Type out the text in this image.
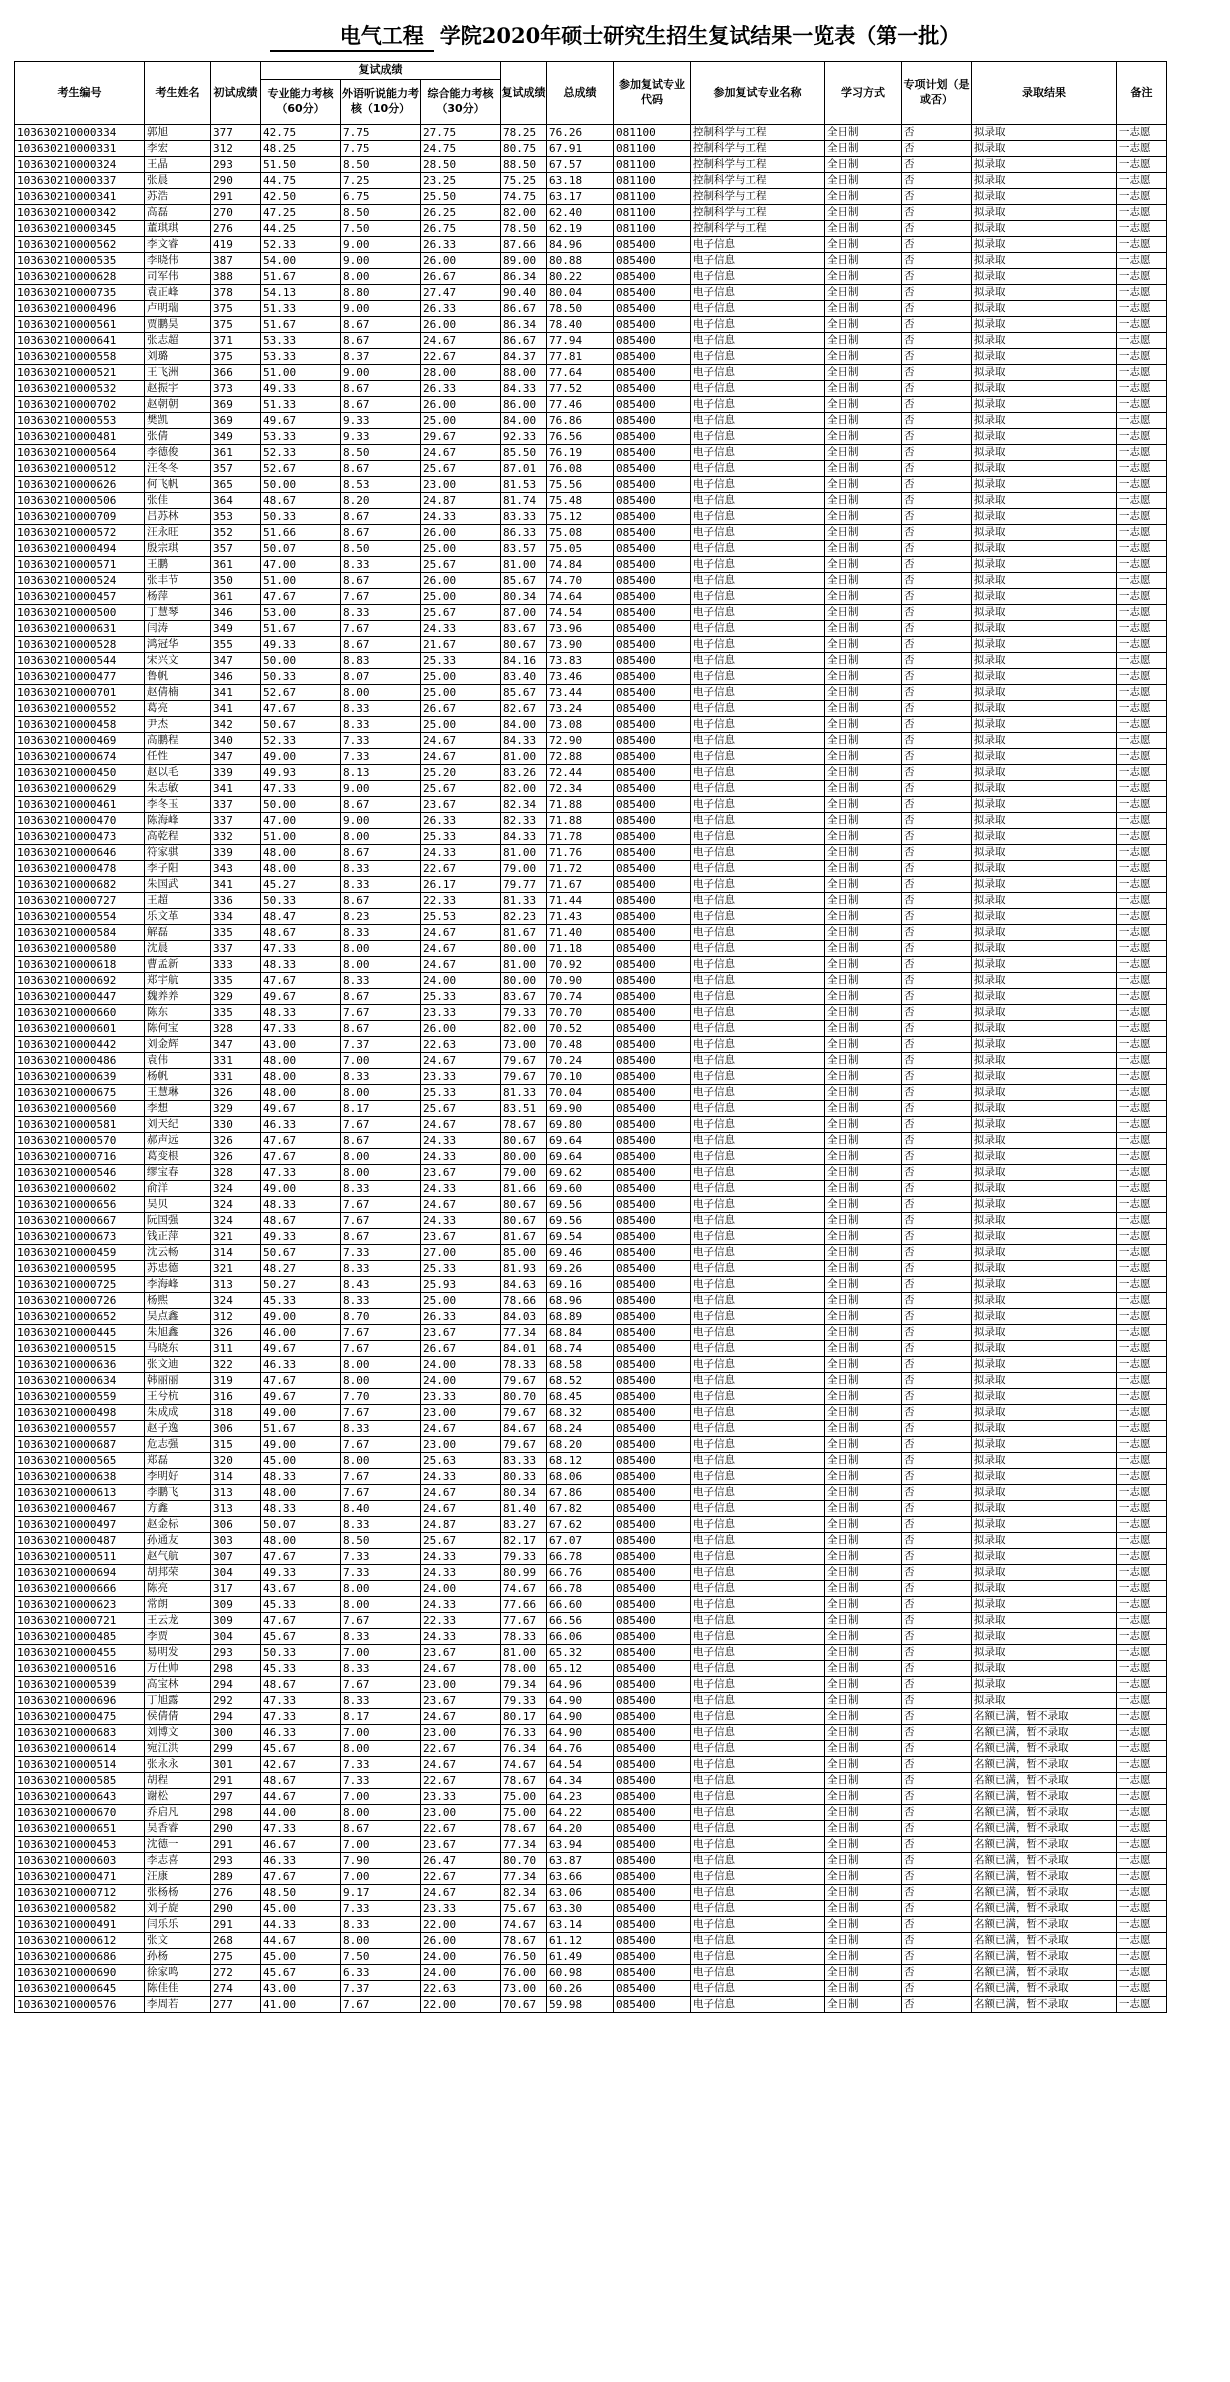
电气工程 学院2020年硕士研究生招生复试结果一览表（第一批）
考生编号	考生姓名	初试成绩	复试成绩			复试成绩	总成绩	参加复试专业代码	参加复试专业名称	学习方式	专项计划（是或否）	录取结果	备注
			专业能力考核（60分）	外语听说能力考核（10分）	综合能力考核（30分）								
103630210000334	郭旭	377	42.75	7.75	27.75	78.25	76.26	081100	控制科学与工程	全日制	否	拟录取	一志愿
103630210000331	李宏	312	48.25	7.75	24.75	80.75	67.91	081100	控制科学与工程	全日制	否	拟录取	一志愿
103630210000324	王晶	293	51.50	8.50	28.50	88.50	67.57	081100	控制科学与工程	全日制	否	拟录取	一志愿
103630210000337	张晨	290	44.75	7.25	23.25	75.25	63.18	081100	控制科学与工程	全日制	否	拟录取	一志愿
103630210000341	苏浩	291	42.50	6.75	25.50	74.75	63.17	081100	控制科学与工程	全日制	否	拟录取	一志愿
103630210000342	高磊	270	47.25	8.50	26.25	82.00	62.40	081100	控制科学与工程	全日制	否	拟录取	一志愿
103630210000345	董琪琪	276	44.25	7.50	26.75	78.50	62.19	081100	控制科学与工程	全日制	否	拟录取	一志愿
103630210000562	李文睿	419	52.33	9.00	26.33	87.66	84.96	085400	电子信息	全日制	否	拟录取	一志愿
103630210000535	李晓伟	387	54.00	9.00	26.00	89.00	80.88	085400	电子信息	全日制	否	拟录取	一志愿
103630210000628	司军伟	388	51.67	8.00	26.67	86.34	80.22	085400	电子信息	全日制	否	拟录取	一志愿
103630210000735	袁正峰	378	54.13	8.80	27.47	90.40	80.04	085400	电子信息	全日制	否	拟录取	一志愿
103630210000496	卢明瑞	375	51.33	9.00	26.33	86.67	78.50	085400	电子信息	全日制	否	拟录取	一志愿
103630210000561	贾鹏昊	375	51.67	8.67	26.00	86.34	78.40	085400	电子信息	全日制	否	拟录取	一志愿
103630210000641	张志超	371	53.33	8.67	24.67	86.67	77.94	085400	电子信息	全日制	否	拟录取	一志愿
103630210000558	刘璐	375	53.33	8.37	22.67	84.37	77.81	085400	电子信息	全日制	否	拟录取	一志愿
103630210000521	王飞洲	366	51.00	9.00	28.00	88.00	77.64	085400	电子信息	全日制	否	拟录取	一志愿
103630210000532	赵振宇	373	49.33	8.67	26.33	84.33	77.52	085400	电子信息	全日制	否	拟录取	一志愿
103630210000702	赵朝朝	369	51.33	8.67	26.00	86.00	77.46	085400	电子信息	全日制	否	拟录取	一志愿
103630210000553	樊凯	369	49.67	9.33	25.00	84.00	76.86	085400	电子信息	全日制	否	拟录取	一志愿
103630210000481	张倩	349	53.33	9.33	29.67	92.33	76.56	085400	电子信息	全日制	否	拟录取	一志愿
103630210000564	李德俊	361	52.33	8.50	24.67	85.50	76.19	085400	电子信息	全日制	否	拟录取	一志愿
103630210000512	汪冬冬	357	52.67	8.67	25.67	87.01	76.08	085400	电子信息	全日制	否	拟录取	一志愿
103630210000626	何飞帆	365	50.00	8.53	23.00	81.53	75.56	085400	电子信息	全日制	否	拟录取	一志愿
103630210000506	张佳	364	48.67	8.20	24.87	81.74	75.48	085400	电子信息	全日制	否	拟录取	一志愿
103630210000709	吕苏林	353	50.33	8.67	24.33	83.33	75.12	085400	电子信息	全日制	否	拟录取	一志愿
103630210000572	汪永旺	352	51.66	8.67	26.00	86.33	75.08	085400	电子信息	全日制	否	拟录取	一志愿
103630210000494	殷宗琪	357	50.07	8.50	25.00	83.57	75.05	085400	电子信息	全日制	否	拟录取	一志愿
103630210000571	王鹏	361	47.00	8.33	25.67	81.00	74.84	085400	电子信息	全日制	否	拟录取	一志愿
103630210000524	张丰节	350	51.00	8.67	26.00	85.67	74.70	085400	电子信息	全日制	否	拟录取	一志愿
103630210000457	杨萍	361	47.67	7.67	25.00	80.34	74.64	085400	电子信息	全日制	否	拟录取	一志愿
103630210000500	丁慧琴	346	53.00	8.33	25.67	87.00	74.54	085400	电子信息	全日制	否	拟录取	一志愿
103630210000631	闫涛	349	51.67	7.67	24.33	83.67	73.96	085400	电子信息	全日制	否	拟录取	一志愿
103630210000528	鸿冠华	355	49.33	8.67	21.67	80.67	73.90	085400	电子信息	全日制	否	拟录取	一志愿
103630210000544	宋兴文	347	50.00	8.83	25.33	84.16	73.83	085400	电子信息	全日制	否	拟录取	一志愿
103630210000477	鲁帆	346	50.33	8.07	25.00	83.40	73.46	085400	电子信息	全日制	否	拟录取	一志愿
103630210000701	赵倩楠	341	52.67	8.00	25.00	85.67	73.44	085400	电子信息	全日制	否	拟录取	一志愿
103630210000552	葛亮	341	47.67	8.33	26.67	82.67	73.24	085400	电子信息	全日制	否	拟录取	一志愿
103630210000458	尹杰	342	50.67	8.33	25.00	84.00	73.08	085400	电子信息	全日制	否	拟录取	一志愿
103630210000469	高鹏程	340	52.33	7.33	24.67	84.33	72.90	085400	电子信息	全日制	否	拟录取	一志愿
103630210000674	任性	347	49.00	7.33	24.67	81.00	72.88	085400	电子信息	全日制	否	拟录取	一志愿
103630210000450	赵以毛	339	49.93	8.13	25.20	83.26	72.44	085400	电子信息	全日制	否	拟录取	一志愿
103630210000629	朱志敏	341	47.33	9.00	25.67	82.00	72.34	085400	电子信息	全日制	否	拟录取	一志愿
103630210000461	李冬玉	337	50.00	8.67	23.67	82.34	71.88	085400	电子信息	全日制	否	拟录取	一志愿
103630210000470	陈海峰	337	47.00	9.00	26.33	82.33	71.88	085400	电子信息	全日制	否	拟录取	一志愿
103630210000473	高乾程	332	51.00	8.00	25.33	84.33	71.78	085400	电子信息	全日制	否	拟录取	一志愿
103630210000646	符家骐	339	48.00	8.67	24.33	81.00	71.76	085400	电子信息	全日制	否	拟录取	一志愿
103630210000478	李子阳	343	48.00	8.33	22.67	79.00	71.72	085400	电子信息	全日制	否	拟录取	一志愿
103630210000682	朱国武	341	45.27	8.33	26.17	79.77	71.67	085400	电子信息	全日制	否	拟录取	一志愿
103630210000727	王超	336	50.33	8.67	22.33	81.33	71.44	085400	电子信息	全日制	否	拟录取	一志愿
103630210000554	乐文革	334	48.47	8.23	25.53	82.23	71.43	085400	电子信息	全日制	否	拟录取	一志愿
103630210000584	解磊	335	48.67	8.33	24.67	81.67	71.40	085400	电子信息	全日制	否	拟录取	一志愿
103630210000580	沈晨	337	47.33	8.00	24.67	80.00	71.18	085400	电子信息	全日制	否	拟录取	一志愿
103630210000618	曹孟新	333	48.33	8.00	24.67	81.00	70.92	085400	电子信息	全日制	否	拟录取	一志愿
103630210000692	郑宇航	335	47.67	8.33	24.00	80.00	70.90	085400	电子信息	全日制	否	拟录取	一志愿
103630210000447	魏养养	329	49.67	8.67	25.33	83.67	70.74	085400	电子信息	全日制	否	拟录取	一志愿
103630210000660	陈东	335	48.33	7.67	23.33	79.33	70.70	085400	电子信息	全日制	否	拟录取	一志愿
103630210000601	陈何宝	328	47.33	8.67	26.00	82.00	70.52	085400	电子信息	全日制	否	拟录取	一志愿
103630210000442	刘金辉	347	43.00	7.37	22.63	73.00	70.48	085400	电子信息	全日制	否	拟录取	一志愿
103630210000486	袁伟	331	48.00	7.00	24.67	79.67	70.24	085400	电子信息	全日制	否	拟录取	一志愿
103630210000639	杨帆	331	48.00	8.33	23.33	79.67	70.10	085400	电子信息	全日制	否	拟录取	一志愿
103630210000675	王慧琳	326	48.00	8.00	25.33	81.33	70.04	085400	电子信息	全日制	否	拟录取	一志愿
103630210000560	李想	329	49.67	8.17	25.67	83.51	69.90	085400	电子信息	全日制	否	拟录取	一志愿
103630210000581	刘天纪	330	46.33	7.67	24.67	78.67	69.80	085400	电子信息	全日制	否	拟录取	一志愿
103630210000570	郝声远	326	47.67	8.67	24.33	80.67	69.64	085400	电子信息	全日制	否	拟录取	一志愿
103630210000716	葛变根	326	47.67	8.00	24.33	80.00	69.64	085400	电子信息	全日制	否	拟录取	一志愿
103630210000546	缪宝春	328	47.33	8.00	23.67	79.00	69.62	085400	电子信息	全日制	否	拟录取	一志愿
103630210000602	俞洋	324	49.00	8.33	24.33	81.66	69.60	085400	电子信息	全日制	否	拟录取	一志愿
103630210000656	吴贝	324	48.33	7.67	24.67	80.67	69.56	085400	电子信息	全日制	否	拟录取	一志愿
103630210000667	阮国强	324	48.67	7.67	24.33	80.67	69.56	085400	电子信息	全日制	否	拟录取	一志愿
103630210000673	钱正萍	321	49.33	8.67	23.67	81.67	69.54	085400	电子信息	全日制	否	拟录取	一志愿
103630210000459	沈云畅	314	50.67	7.33	27.00	85.00	69.46	085400	电子信息	全日制	否	拟录取	一志愿
103630210000595	苏忠德	321	48.27	8.33	25.33	81.93	69.26	085400	电子信息	全日制	否	拟录取	一志愿
103630210000725	李海峰	313	50.27	8.43	25.93	84.63	69.16	085400	电子信息	全日制	否	拟录取	一志愿
103630210000726	杨熙	324	45.33	8.33	25.00	78.66	68.96	085400	电子信息	全日制	否	拟录取	一志愿
103630210000652	吴点鑫	312	49.00	8.70	26.33	84.03	68.89	085400	电子信息	全日制	否	拟录取	一志愿
103630210000445	朱旭鑫	326	46.00	7.67	23.67	77.34	68.84	085400	电子信息	全日制	否	拟录取	一志愿
103630210000515	马晓东	311	49.67	7.67	26.67	84.01	68.74	085400	电子信息	全日制	否	拟录取	一志愿
103630210000636	张文迪	322	46.33	8.00	24.00	78.33	68.58	085400	电子信息	全日制	否	拟录取	一志愿
103630210000634	韩丽丽	319	47.67	8.00	24.00	79.67	68.52	085400	电子信息	全日制	否	拟录取	一志愿
103630210000559	王兮杭	316	49.67	7.70	23.33	80.70	68.45	085400	电子信息	全日制	否	拟录取	一志愿
103630210000498	朱成成	318	49.00	7.67	23.00	79.67	68.32	085400	电子信息	全日制	否	拟录取	一志愿
103630210000557	赵子逸	306	51.67	8.33	24.67	84.67	68.24	085400	电子信息	全日制	否	拟录取	一志愿
103630210000687	危志强	315	49.00	7.67	23.00	79.67	68.20	085400	电子信息	全日制	否	拟录取	一志愿
103630210000565	郑磊	320	45.00	8.00	25.63	83.33	68.12	085400	电子信息	全日制	否	拟录取	一志愿
103630210000638	李明好	314	48.33	7.67	24.33	80.33	68.06	085400	电子信息	全日制	否	拟录取	一志愿
103630210000613	李鹏飞	313	48.00	7.67	24.67	80.34	67.86	085400	电子信息	全日制	否	拟录取	一志愿
103630210000467	方鑫	313	48.33	8.40	24.67	81.40	67.82	085400	电子信息	全日制	否	拟录取	一志愿
103630210000497	赵金标	306	50.07	8.33	24.87	83.27	67.62	085400	电子信息	全日制	否	拟录取	一志愿
103630210000487	孙通友	303	48.00	8.50	25.67	82.17	67.07	085400	电子信息	全日制	否	拟录取	一志愿
103630210000511	赵气航	307	47.67	7.33	24.33	79.33	66.78	085400	电子信息	全日制	否	拟录取	一志愿
103630210000694	胡邦荣	304	49.33	7.33	24.33	80.99	66.76	085400	电子信息	全日制	否	拟录取	一志愿
103630210000666	陈亮	317	43.67	8.00	24.00	74.67	66.78	085400	电子信息	全日制	否	拟录取	一志愿
103630210000623	常朗	309	45.33	8.00	24.33	77.66	66.60	085400	电子信息	全日制	否	拟录取	一志愿
103630210000721	王云龙	309	47.67	7.67	22.33	77.67	66.56	085400	电子信息	全日制	否	拟录取	一志愿
103630210000485	李贾	304	45.67	8.33	24.33	78.33	66.06	085400	电子信息	全日制	否	拟录取	一志愿
103630210000455	易明发	293	50.33	7.00	23.67	81.00	65.32	085400	电子信息	全日制	否	拟录取	一志愿
103630210000516	万仕帅	298	45.33	8.33	24.67	78.00	65.12	085400	电子信息	全日制	否	拟录取	一志愿
103630210000539	高宝林	294	48.67	7.67	23.00	79.34	64.96	085400	电子信息	全日制	否	拟录取	一志愿
103630210000696	丁旭露	292	47.33	8.33	23.67	79.33	64.90	085400	电子信息	全日制	否	拟录取	一志愿
103630210000475	侯倩倩	294	47.33	8.17	24.67	80.17	64.90	085400	电子信息	全日制	否	名额已满，暂不录取	一志愿
103630210000683	刘博文	300	46.33	7.00	23.00	76.33	64.90	085400	电子信息	全日制	否	名额已满，暂不录取	一志愿
103630210000614	宛江洪	299	45.67	8.00	22.67	76.34	64.76	085400	电子信息	全日制	否	名额已满，暂不录取	一志愿
103630210000514	张永永	301	42.67	7.33	24.67	74.67	64.54	085400	电子信息	全日制	否	名额已满，暂不录取	一志愿
103630210000585	胡程	291	48.67	7.33	22.67	78.67	64.34	085400	电子信息	全日制	否	名额已满，暂不录取	一志愿
103630210000643	谢松	297	44.67	7.00	23.33	75.00	64.23	085400	电子信息	全日制	否	名额已满，暂不录取	一志愿
103630210000670	乔启凡	298	44.00	8.00	23.00	75.00	64.22	085400	电子信息	全日制	否	名额已满，暂不录取	一志愿
103630210000651	吴香睿	290	47.33	8.67	22.67	78.67	64.20	085400	电子信息	全日制	否	名额已满，暂不录取	一志愿
103630210000453	沈德一	291	46.67	7.00	23.67	77.34	63.94	085400	电子信息	全日制	否	名额已满，暂不录取	一志愿
103630210000603	李志喜	293	46.33	7.90	26.47	80.70	63.87	085400	电子信息	全日制	否	名额已满，暂不录取	一志愿
103630210000471	汪康	289	47.67	7.00	22.67	77.34	63.66	085400	电子信息	全日制	否	名额已满，暂不录取	一志愿
103630210000712	张杨杨	276	48.50	9.17	24.67	82.34	63.06	085400	电子信息	全日制	否	名额已满，暂不录取	一志愿
103630210000582	刘子旋	290	45.00	7.33	23.33	75.67	63.30	085400	电子信息	全日制	否	名额已满，暂不录取	一志愿
103630210000491	闫乐乐	291	44.33	8.33	22.00	74.67	63.14	085400	电子信息	全日制	否	名额已满，暂不录取	一志愿
103630210000612	张文	268	44.67	8.00	26.00	78.67	61.12	085400	电子信息	全日制	否	名额已满，暂不录取	一志愿
103630210000686	孙杨	275	45.00	7.50	24.00	76.50	61.49	085400	电子信息	全日制	否	名额已满，暂不录取	一志愿
103630210000690	徐家鸣	272	45.67	6.33	24.00	76.00	60.98	085400	电子信息	全日制	否	名额已满，暂不录取	一志愿
103630210000645	陈佳佳	274	43.00	7.37	22.63	73.00	60.26	085400	电子信息	全日制	否	名额已满，暂不录取	一志愿
103630210000576	李周若	277	41.00	7.67	22.00	70.67	59.98	085400	电子信息	全日制	否	名额已满，暂不录取	一志愿
